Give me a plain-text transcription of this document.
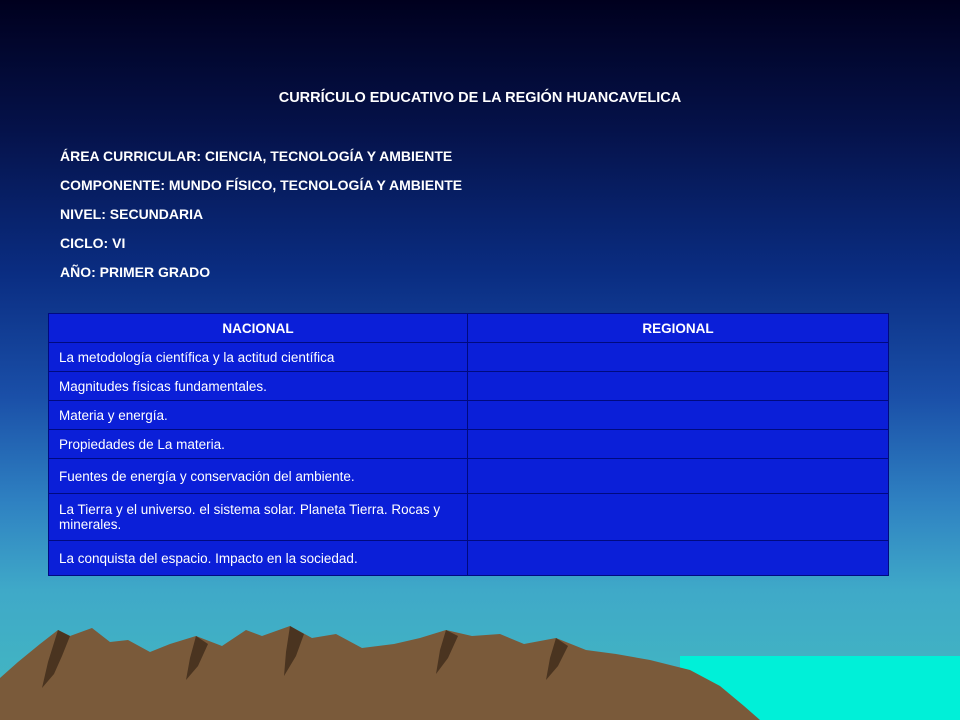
CURRÍCULO EDUCATIVO DE LA REGIÓN HUANCAVELICA
ÁREA CURRICULAR: CIENCIA, TECNOLOGÍA Y AMBIENTE
COMPONENTE: MUNDO FÍSICO, TECNOLOGÍA Y AMBIENTE
NIVEL: SECUNDARIA
CICLO: VI
AÑO: PRIMER GRADO
NACIONAL	REGIONAL
La metodología científica y la actitud científica	
Magnitudes físicas fundamentales.	
Materia y energía.	
Propiedades de La materia.	
Fuentes de energía y conservación del ambiente.	
La Tierra y el universo. el sistema solar. Planeta Tierra. Rocas y minerales.	
La conquista del espacio. Impacto en la sociedad.	
